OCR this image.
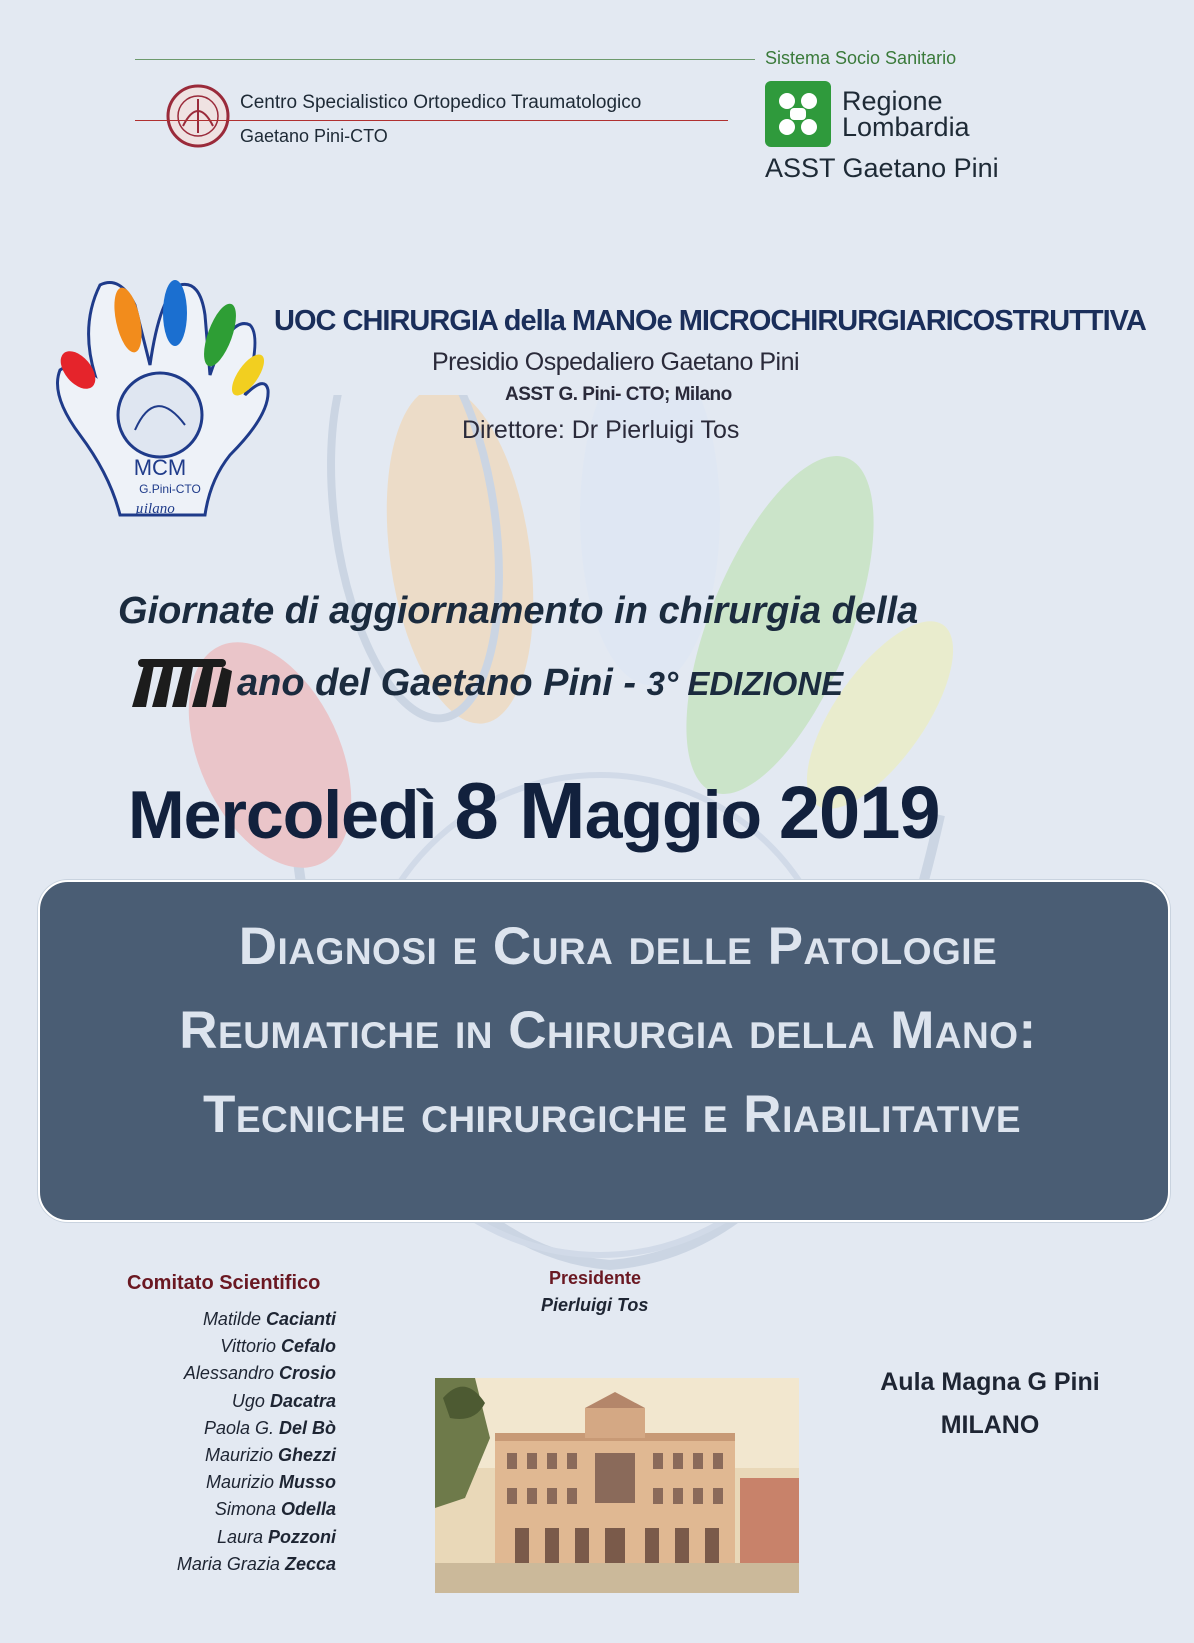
Centro Specialistico Ortopedico Traumatologico
Gaetano Pini-CTO
Sistema Socio Sanitario
Regione
Lombardia
ASST Gaetano Pini
MCM
G.Pini-CTO
µilano
UOC CHIRURGIA della MANOe MICROCHIRURGIARICOSTRUTTIVA
Presidio Ospedaliero Gaetano Pini
ASST G. Pini- CTO; Milano
Direttore: Dr Pierluigi Tos
Giornate di aggiornamento in chirurgia della
ano del Gaetano Pini - 3° EDIZIONE
Mercoledì 8 Maggio 2019
Diagnosi e Cura delle Patologie
Reumatiche in Chirurgia della Mano:
Tecniche chirurgiche e Riabilitative
Comitato Scientifico
Matilde Cacianti
Vittorio Cefalo
Alessandro Crosio
Ugo Dacatra
Paola G. Del Bò
Maurizio Ghezzi
Maurizio Musso
Simona Odella
Laura Pozzoni
Maria Grazia Zecca
Presidente
Pierluigi Tos
Aula Magna G Pini
MILANO
